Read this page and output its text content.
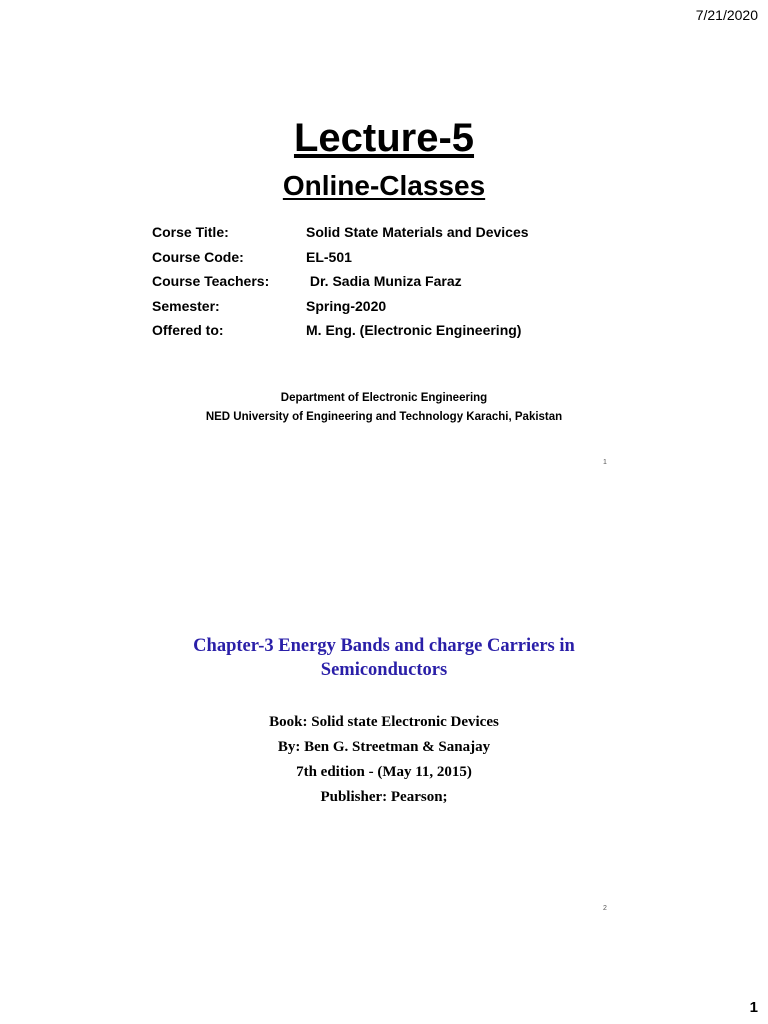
7/21/2020
Lecture-5
Online-Classes
Corse Title:	Solid State Materials and Devices
Course Code:	EL-501
Course Teachers:	Dr. Sadia Muniza Faraz
Semester:	Spring-2020
Offered to:	M. Eng. (Electronic Engineering)
Department of Electronic Engineering
NED University of Engineering and Technology Karachi, Pakistan
1
Chapter-3 Energy Bands and charge Carriers in
Semiconductors
Book: Solid state Electronic Devices
By: Ben G. Streetman & Sanajay
7th edition - (May 11, 2015)
Publisher: Pearson;
2
1
